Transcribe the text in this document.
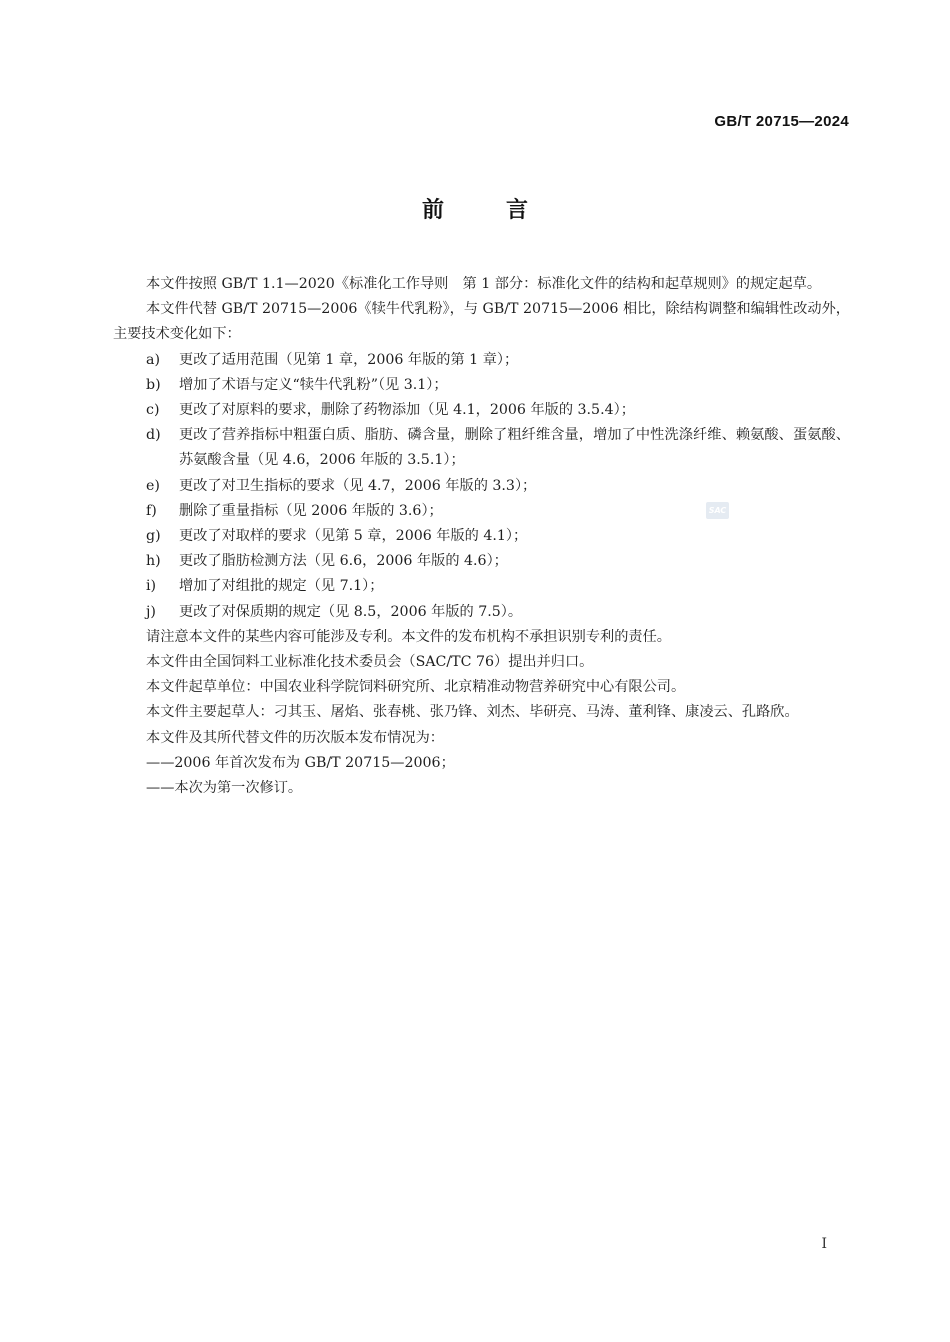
GB/T 20715—2024
前言

本文件按照 GB/T 1.1—2020《标准化工作导则　第 1 部分：标准化文件的结构和起草规则》的规定起草。

本文件代替 GB/T 20715—2006《犊牛代乳粉》，与 GB/T 20715—2006 相比，除结构调整和编辑性改动外，主要技术变化如下：

a) 更改了适用范围（见第 1 章，2006 年版的第 1 章）；
b) 增加了术语与定义“犊牛代乳粉”（见 3.1）；
c) 更改了对原料的要求，删除了药物添加（见 4.1，2006 年版的 3.5.4）；
d) 更改了营养指标中粗蛋白质、脂肪、磷含量，删除了粗纤维含量，增加了中性洗涤纤维、赖氨酸、蛋氨酸、苏氨酸含量（见 4.6，2006 年版的 3.5.1）；
e) 更改了对卫生指标的要求（见 4.7，2006 年版的 3.3）；
f) 删除了重量指标（见 2006 年版的 3.6）；
g) 更改了对取样的要求（见第 5 章，2006 年版的 4.1）；
h) 更改了脂肪检测方法（见 6.6，2006 年版的 4.6）；
i) 增加了对组批的规定（见 7.1）；
j) 更改了对保质期的规定（见 8.5，2006 年版的 7.5）。

请注意本文件的某些内容可能涉及专利。本文件的发布机构不承担识别专利的责任。

本文件由全国饲料工业标准化技术委员会（SAC/TC 76）提出并归口。

本文件起草单位：中国农业科学院饲料研究所、北京精准动物营养研究中心有限公司。

本文件主要起草人：刁其玉、屠焰、张春桃、张乃锋、刘杰、毕研亮、马涛、董利锋、康凌云、孔路欣。

本文件及其所代替文件的历次版本发布情况为：

——2006 年首次发布为 GB/T 20715—2006；

——本次为第一次修订。

SAC
I
